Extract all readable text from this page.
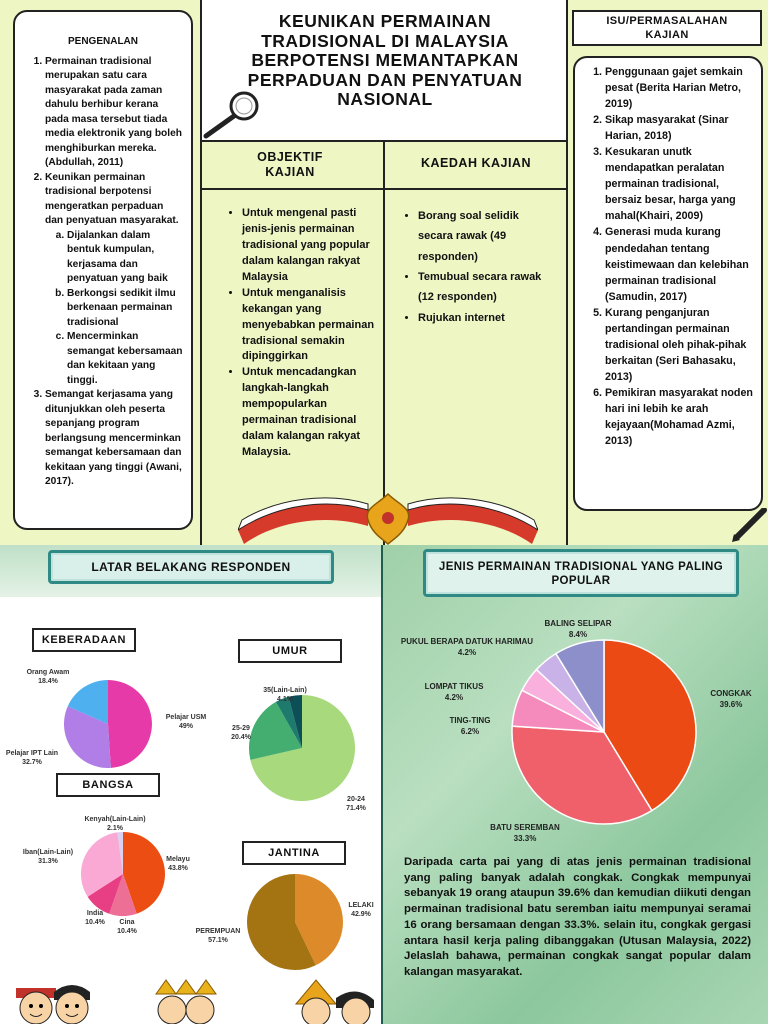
KEUNIKAN PERMAINAN
TRADISIONAL DI MALAYSIA
BERPOTENSI MEMANTAPKAN
PERPADUAN DAN PENYATUAN
NASIONAL
PENGENALAN
1. Permainan tradisional merupakan satu cara masyarakat pada zaman dahulu berhibur kerana pada masa tersebut tiada media elektronik yang boleh menghiburkan mereka. (Abdullah, 2011)
2. Keunikan permainan tradisional berpotensi mengeratkan perpaduan dan penyatuan masyarakat.
a. Dijalankan dalam bentuk kumpulan, kerjasama dan penyatuan yang baik
b. Berkongsi sedikit ilmu berkenaan permainan tradisional
c. Mencerminkan semangat kebersamaan dan kekitaan yang tinggi.
3. Semangat kerjasama yang ditunjukkan oleh peserta sepanjang program berlangsung mencerminkan semangat kebersamaan dan kekitaan yang tinggi (Awani, 2017).
OBJEKTIF
KAJIAN
• Untuk mengenal pasti jenis-jenis permainan tradisional yang popular dalam kalangan rakyat Malaysia
• Untuk menganalisis kekangan yang menyebabkan permainan tradisional semakin dipinggirkan
• Untuk mencadangkan langkah-langkah mempopularkan permainan tradisional dalam kalangan rakyat Malaysia.
KAEDAH KAJIAN
• Borang soal selidik secara rawak (49 responden)
• Temubual secara rawak (12 responden)
• Rujukan internet
ISU/PERMASALAHAN
KAJIAN
1. Penggunaan gajet semkain pesat (Berita Harian Metro, 2019)
2. Sikap masyarakat (Sinar Harian, 2018)
3. Kesukaran unutk mendapatkan peralatan permainan tradisional, bersaiz besar, harga yang mahal(Khairi, 2009)
4. Generasi muda kurang pendedahan tentang keistimewaan dan kelebihan permainan tradisional (Samudin, 2017)
5. Kurang penganjuran pertandingan permainan tradisional oleh pihak-pihak berkaitan (Seri Bahasaku, 2013)
6. Pemikiran masyarakat noden hari ini lebih ke arah kejayaan(Mohamad Azmi, 2013)
LATAR BELAKANG RESPONDEN
KEBERADAAN
UMUR
BANGSA
JANTINA
Orang Awam
18.4%
Pelajar USM
49%
Pelajar IPT Lain
32.7%
35(Lain-Lain)
4.1%
25-29
20.4%
20-24
71.4%
Kenyah(Lain-Lain)
2.1%
Iban(Lain-Lain)
31.3%	Melayu
43.8%
India
10.4%	Cina
10.4%
LELAKI
42.9%
PEREMPUAN
57.1%
JENIS PERMAINAN TRADISIONAL YANG PALING
POPULAR
BALING SELIPAR
8.4%
PUKUL BERAPA DATUK HARIMAU
4.2%
LOMPAT TIKUS
4.2%
TING-TING
6.2%
CONGKAK
39.6%
BATU SEREMBAN
33.3%

Daripada carta pai yang di atas jenis permainan tradisional yang paling banyak adalah congkak. Congkak mempunyai sebanyak 19 orang ataupun 39.6% dan kemudian diikuti dengan permainan tradisional batu seremban iaitu mempunyai seramai 16 orang bersamaan dengan 33.3%. selain itu, congkak gergasi antara hasil kerja paling dibanggakan (Utusan Malaysia, 2022) Jelaslah bahawa, permainan congkak sangat popular dalam kalangan masyarakat.
